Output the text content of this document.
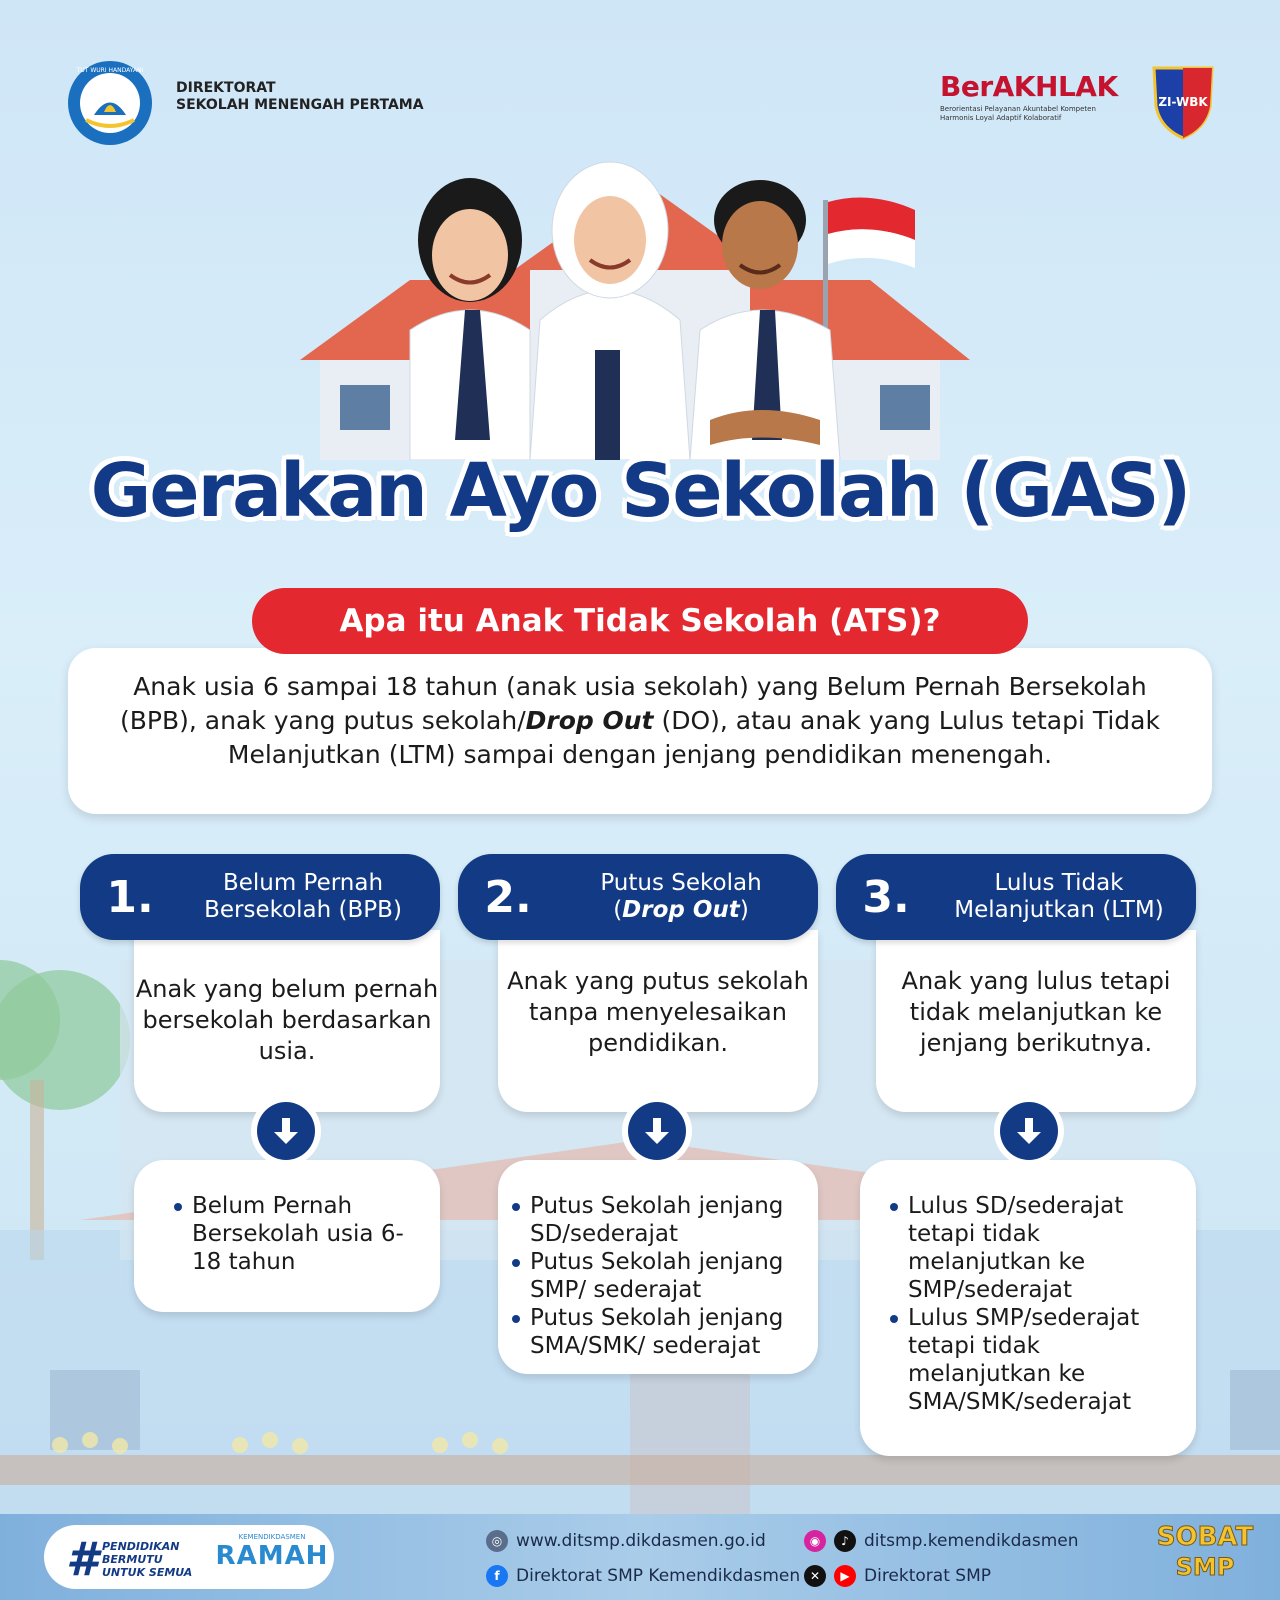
TUT WURI HANDAYANI
DIREKTORAT
SEKOLAH MENENGAH PERTAMA
BerAKHLAK
Berorientasi Pelayanan Akuntabel Kompeten
Harmonis Loyal Adaptif Kolaboratif
ZI-WBK
Gerakan Ayo Sekolah (GAS)
Apa itu Anak Tidak Sekolah (ATS)?
Anak usia 6 sampai 18 tahun (anak usia sekolah) yang Belum Pernah Bersekolah (BPB), anak yang putus sekolah/Drop Out (DO), atau anak yang Lulus tetapi Tidak Melanjutkan (LTM) sampai dengan jenjang pendidikan menengah.
1.	Belum Pernah Bersekolah (BPB)
Anak yang belum pernah bersekolah berdasarkan usia.
Belum Pernah Bersekolah usia 6-18 tahun
2.	Putus Sekolah
(Drop Out)
Anak yang putus sekolah tanpa menyelesaikan pendidikan.
Putus Sekolah jenjang SD/sederajat
Putus Sekolah jenjang SMP/ sederajat
Putus Sekolah jenjang SMA/SMK/ sederajat
3.	Lulus Tidak Melanjutkan (LTM)
Anak yang lulus tetapi tidak melanjutkan ke jenjang berikutnya.
Lulus SD/sederajat tetapi tidak melanjutkan ke SMP/sederajat
Lulus SMP/sederajat tetapi tidak melanjutkan ke SMA/SMK/sederajat
# PENDIDIKAN
BERMUTU
UNTUK SEMUA
KEMENDIKDASMEN
RAMAH	◎ www.ditsmp.dikdasmen.go.id
f Direktorat SMP Kemendikdasmen
◉	♪ ditsmp.kemendikdasmen
✕	▶ Direktorat SMP
SOBAT
SMP
